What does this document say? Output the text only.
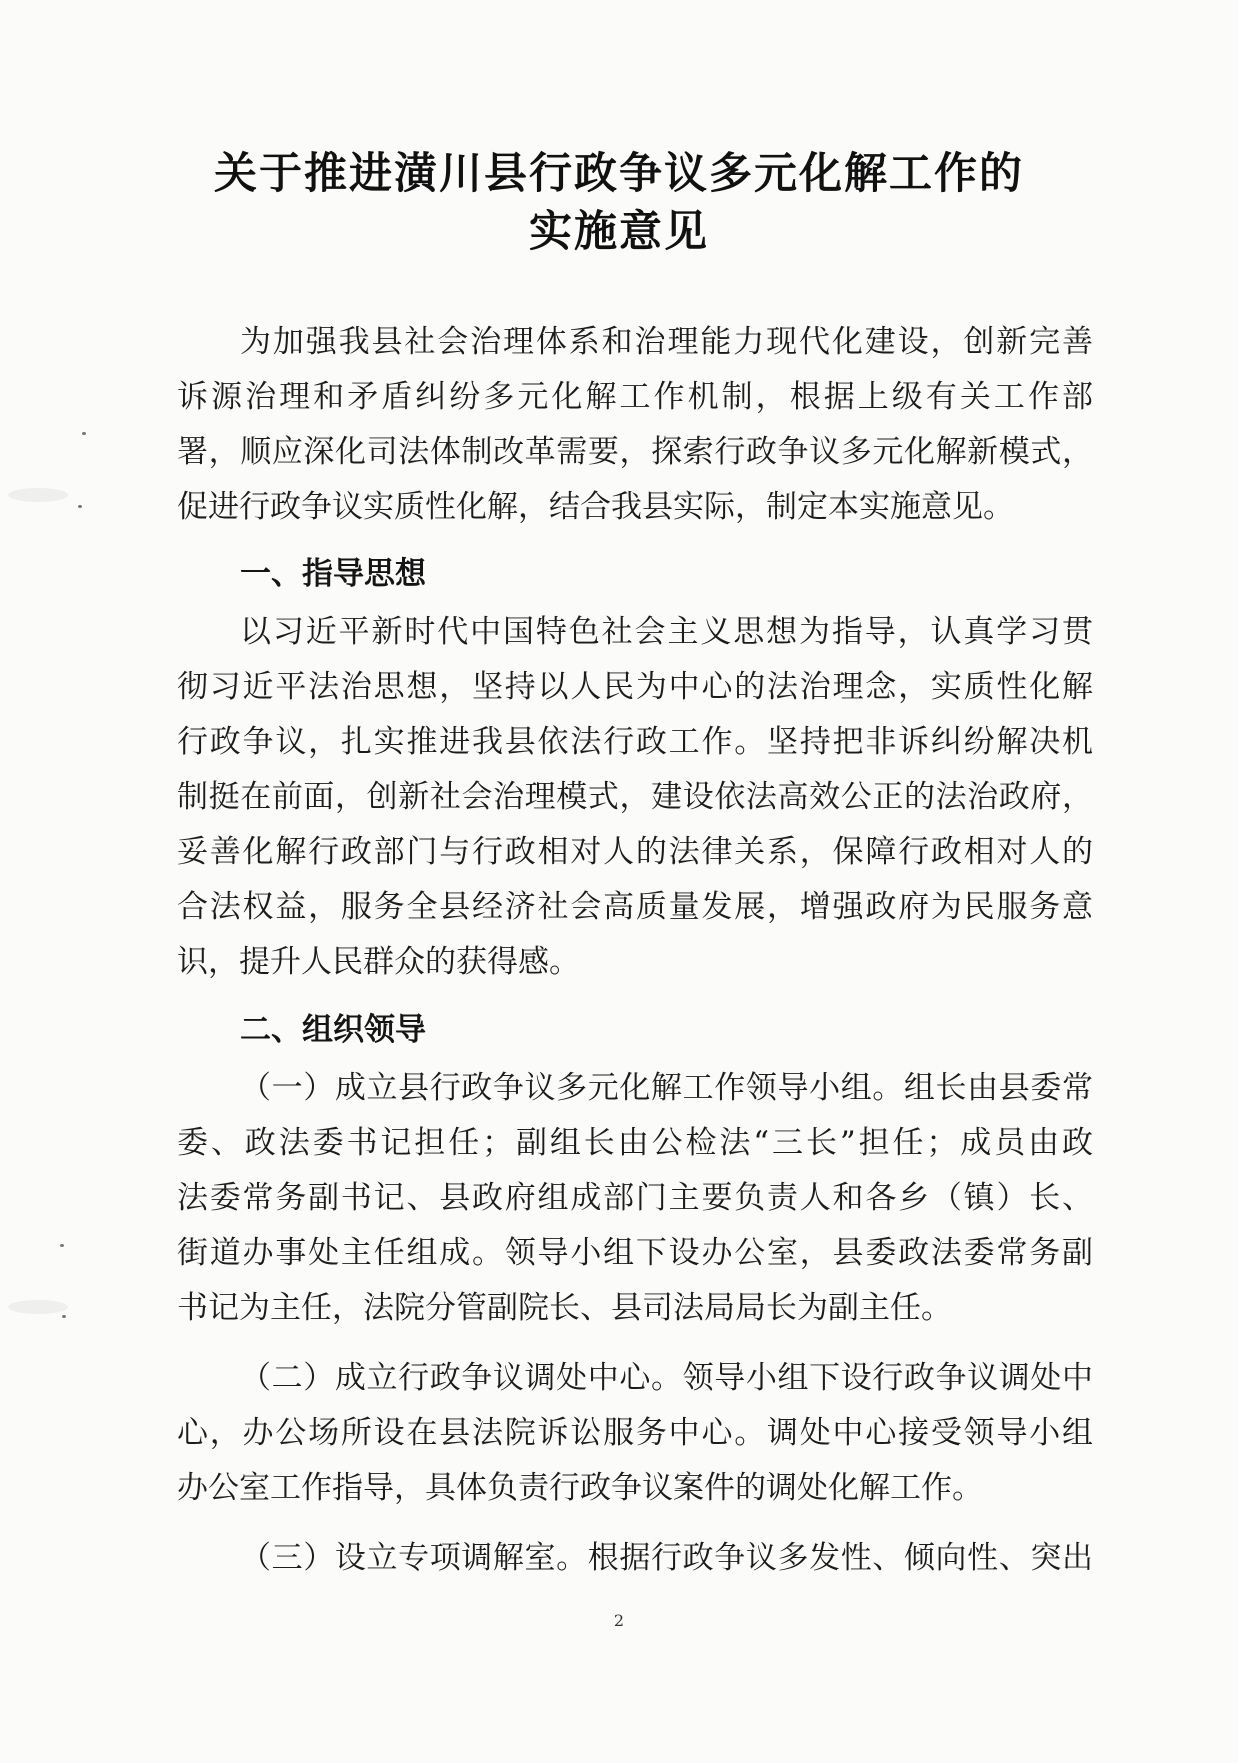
关于推进潢川县行政争议多元化解工作的
实施意见
为加强我县社会治理体系和治理能力现代化建设，创新完善
诉源治理和矛盾纠纷多元化解工作机制，根据上级有关工作部
署，顺应深化司法体制改革需要，探索行政争议多元化解新模式，
促进行政争议实质性化解，结合我县实际，制定本实施意见。
一、指导思想
以习近平新时代中国特色社会主义思想为指导，认真学习贯
彻习近平法治思想，坚持以人民为中心的法治理念，实质性化解
行政争议，扎实推进我县依法行政工作。坚持把非诉纠纷解决机
制挺在前面，创新社会治理模式，建设依法高效公正的法治政府，
妥善化解行政部门与行政相对人的法律关系，保障行政相对人的
合法权益，服务全县经济社会高质量发展，增强政府为民服务意
识，提升人民群众的获得感。
二、组织领导
（一）成立县行政争议多元化解工作领导小组。组长由县委常
委、政法委书记担任；副组长由公检法“三长”担任；成员由政
法委常务副书记、县政府组成部门主要负责人和各乡（镇）长、
街道办事处主任组成。领导小组下设办公室，县委政法委常务副
书记为主任，法院分管副院长、县司法局局长为副主任。
（二）成立行政争议调处中心。领导小组下设行政争议调处中
心，办公场所设在县法院诉讼服务中心。调处中心接受领导小组
办公室工作指导，具体负责行政争议案件的调处化解工作。
（三）设立专项调解室。根据行政争议多发性、倾向性、突出
2
